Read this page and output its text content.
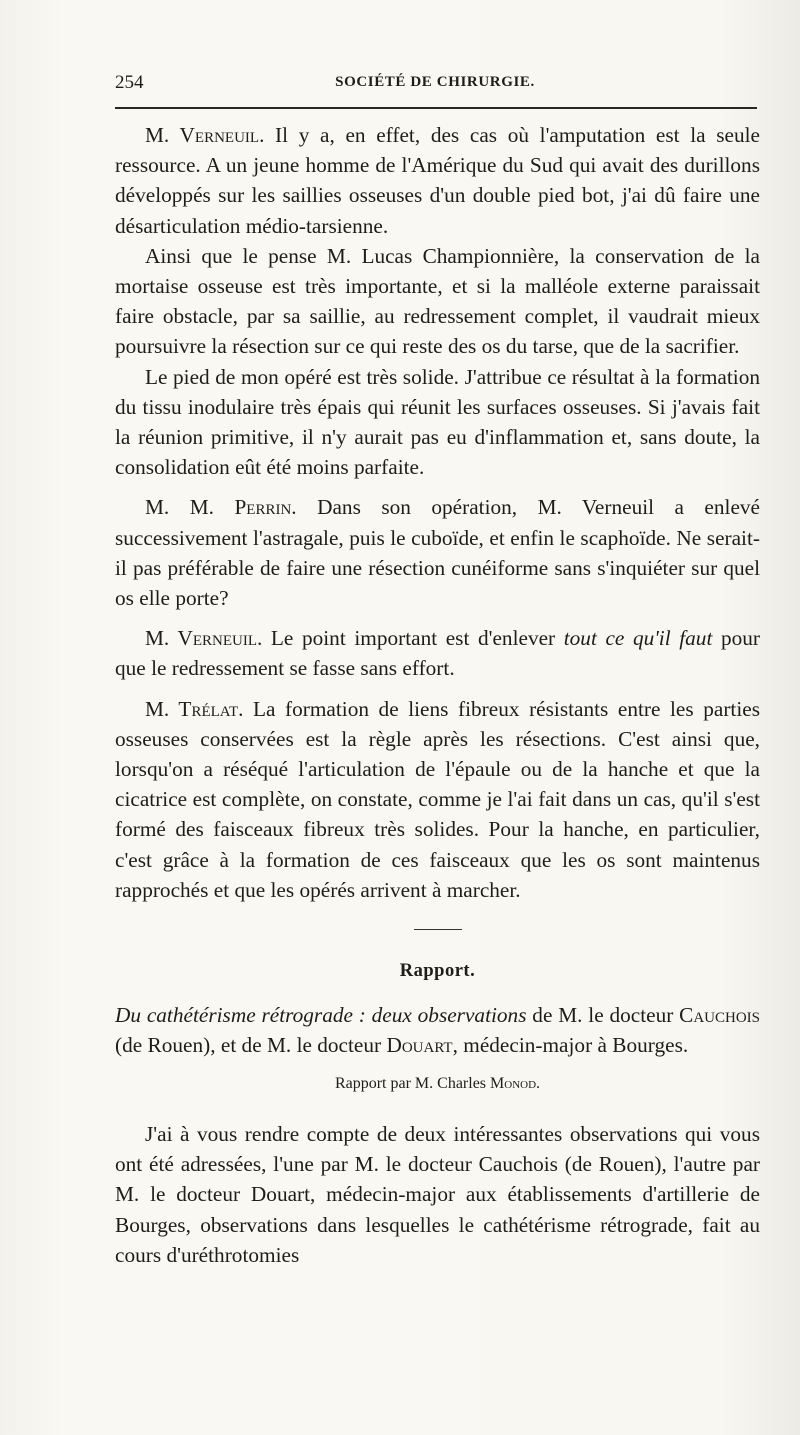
254	SOCIÉTÉ DE CHIRURGIE.

M. Verneuil. Il y a, en effet, des cas où l'amputation est la seule ressource. A un jeune homme de l'Amérique du Sud qui avait des durillons développés sur les saillies osseuses d'un double pied bot, j'ai dû faire une désarticulation médio-tarsienne.

Ainsi que le pense M. Lucas Championnière, la conservation de la mortaise osseuse est très importante, et si la malléole externe paraissait faire obstacle, par sa saillie, au redressement complet, il vaudrait mieux poursuivre la résection sur ce qui reste des os du tarse, que de la sacrifier.

Le pied de mon opéré est très solide. J'attribue ce résultat à la formation du tissu inodulaire très épais qui réunit les surfaces osseuses. Si j'avais fait la réunion primitive, il n'y aurait pas eu d'inflammation et, sans doute, la consolidation eût été moins parfaite.

M. M. Perrin. Dans son opération, M. Verneuil a enlevé successivement l'astragale, puis le cuboïde, et enfin le scaphoïde. Ne serait-il pas préférable de faire une résection cunéiforme sans s'inquiéter sur quel os elle porte?

M. Verneuil. Le point important est d'enlever tout ce qu'il faut pour que le redressement se fasse sans effort.

M. Trélat. La formation de liens fibreux résistants entre les parties osseuses conservées est la règle après les résections. C'est ainsi que, lorsqu'on a réséqué l'articulation de l'épaule ou de la hanche et que la cicatrice est complète, on constate, comme je l'ai fait dans un cas, qu'il s'est formé des faisceaux fibreux très solides. Pour la hanche, en particulier, c'est grâce à la formation de ces faisceaux que les os sont maintenus rapprochés et que les opérés arrivent à marcher.

Rapport.

Du cathétérisme rétrograde : deux observations de M. le docteur Cauchois (de Rouen), et de M. le docteur Douart, médecin-major à Bourges.

Rapport par M. Charles Monod.

J'ai à vous rendre compte de deux intéressantes observations qui vous ont été adressées, l'une par M. le docteur Cauchois (de Rouen), l'autre par M. le docteur Douart, médecin-major aux établissements d'artillerie de Bourges, observations dans lesquelles le cathétérisme rétrograde, fait au cours d'uréthrotomies
